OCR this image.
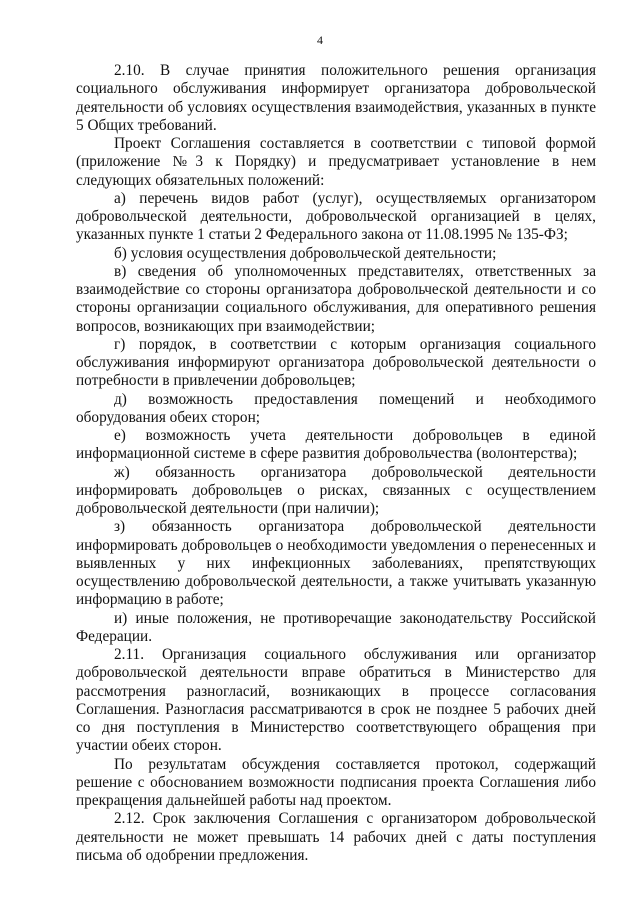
4

2.10. В случае принятия положительного решения организация социального обслуживания информирует организатора добровольческой деятельности об условиях осуществления взаимодействия, указанных в пункте 5 Общих требований.

Проект Соглашения составляется в соответствии с типовой формой (приложение №3 к Порядку) и предусматривает установление в нем следующих обязательных положений:

а) перечень видов работ (услуг), осуществляемых организатором добровольческой деятельности, добровольческой организацией в целях, указанных пункте 1 статьи 2 Федерального закона от 11.08.1995 № 135-ФЗ;

б) условия осуществления добровольческой деятельности;

в) сведения об уполномоченных представителях, ответственных за взаимодействие со стороны организатора добровольческой деятельности и со стороны организации социального обслуживания, для оперативного решения вопросов, возникающих при взаимодействии;

г) порядок, в соответствии с которым организация социального обслуживания информируют организатора добровольческой деятельности о потребности в привлечении добровольцев;

д) возможность предоставления помещений и необходимого оборудования обеих сторон;

е) возможность учета деятельности добровольцев в единой информационной системе в сфере развития добровольчества (волонтерства);

ж) обязанность организатора добровольческой деятельности информировать добровольцев о рисках, связанных с осуществлением добровольческой деятельности (при наличии);

з) обязанность организатора добровольческой деятельности информировать добровольцев о необходимости уведомления о перенесенных и выявленных у них инфекционных заболеваниях, препятствующих осуществлению добровольческой деятельности, а также учитывать указанную информацию в работе;

и) иные положения, не противоречащие законодательству Российской Федерации.

2.11. Организация социального обслуживания или организатор добровольческой деятельности вправе обратиться в Министерство для рассмотрения разногласий, возникающих в процессе согласования Соглашения. Разногласия рассматриваются в срок не позднее 5 рабочих дней со дня поступления в Министерство соответствующего обращения при участии обеих сторон.

По результатам обсуждения составляется протокол, содержащий решение с обоснованием возможности подписания проекта Соглашения либо прекращения дальнейшей работы над проектом.

2.12. Срок заключения Соглашения с организатором добровольческой деятельности не может превышать 14 рабочих дней с даты поступления письма об одобрении предложения.
